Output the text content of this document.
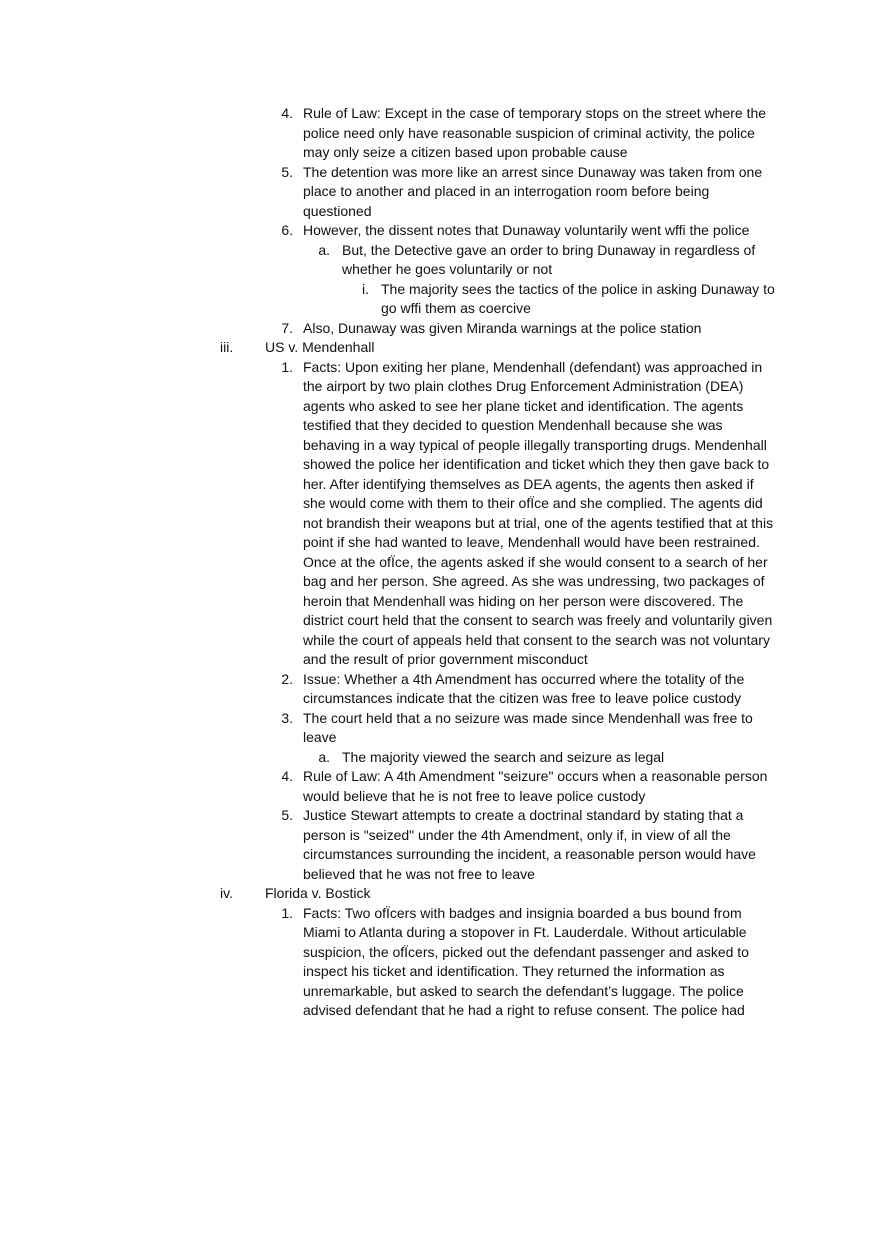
4. Rule of Law: Except in the case of temporary stops on the street where the police need only have reasonable suspicion of criminal activity, the police may only seize a citizen based upon probable cause
5. The detention was more like an arrest since Dunaway was taken from one place to another and placed in an interrogation room before being questioned
6. However, the dissent notes that Dunaway voluntarily went wffi the police
a. But, the Detective gave an order to bring Dunaway in regardless of whether he goes voluntarily or not
i. The majority sees the tactics of the police in asking Dunaway to go wffi them as coercive
7. Also, Dunaway was given Miranda warnings at the police station
iii.	US v. Mendenhall
1. Facts: Upon exiting her plane, Mendenhall (defendant) was approached in the airport by two plain clothes Drug Enforcement Administration (DEA) agents who asked to see her plane ticket and identification. The agents testified that they decided to question Mendenhall because she was behaving in a way typical of people illegally transporting drugs. Mendenhall showed the police her identification and ticket which they then gave back to her. After identifying themselves as DEA agents, the agents then asked if she would come with them to their ofÏce and she complied. The agents did not brandish their weapons but at trial, one of the agents testified that at this point if she had wanted to leave, Mendenhall would have been restrained. Once at the ofÏce, the agents asked if she would consent to a search of her bag and her person. She agreed. As she was undressing, two packages of heroin that Mendenhall was hiding on her person were discovered. The district court held that the consent to search was freely and voluntarily given while the court of appeals held that consent to the search was not voluntary and the result of prior government misconduct
2. Issue: Whether a 4th Amendment has occurred where the totality of the circumstances indicate that the citizen was free to leave police custody
3. The court held that a no seizure was made since Mendenhall was free to leave
a. The majority viewed the search and seizure as legal
4. Rule of Law: A 4th Amendment "seizure" occurs when a reasonable person would believe that he is not free to leave police custody
5. Justice Stewart attempts to create a doctrinal standard by stating that a person is "seized" under the 4th Amendment, only if, in view of all the circumstances surrounding the incident, a reasonable person would have believed that he was not free to leave
iv.	Florida v. Bostick
1. Facts: Two ofÏcers with badges and insignia boarded a bus bound from Miami to Atlanta during a stopover in Ft. Lauderdale. Without articulable suspicion, the ofÏcers, picked out the defendant passenger and asked to inspect his ticket and identification. They returned the information as unremarkable, but asked to search the defendant’s luggage. The police advised defendant that he had a right to refuse consent. The police had
